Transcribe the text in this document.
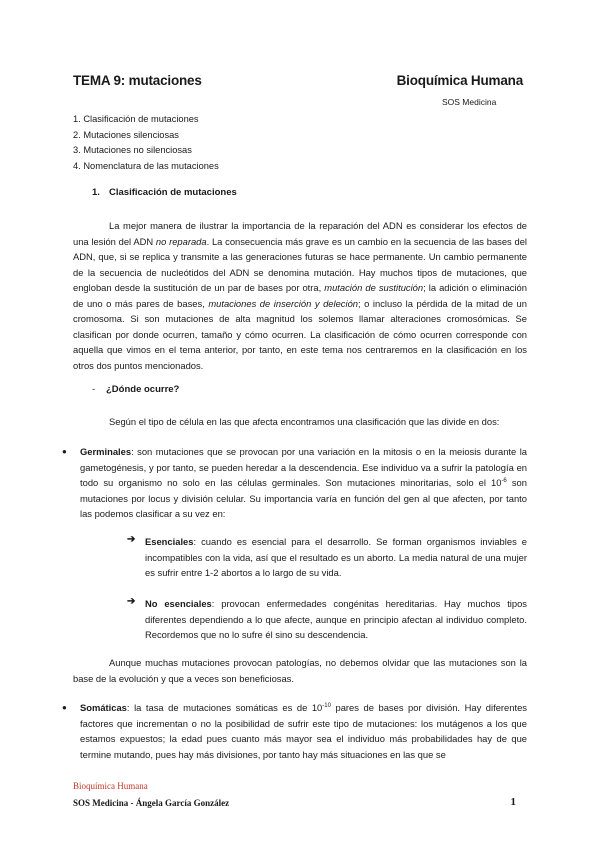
TEMA 9: mutaciones	Bioquímica Humana
SOS Medicina
1. Clasificación de mutaciones
2. Mutaciones silenciosas
3. Mutaciones no silenciosas
4. Nomenclatura de las mutaciones
1. Clasificación de mutaciones

La mejor manera de ilustrar la importancia de la reparación del ADN es considerar los efectos de una lesión del ADN no reparada. La consecuencia más grave es un cambio en la secuencia de las bases del ADN, que, si se replica y transmite a las generaciones futuras se hace permanente. Un cambio permanente de la secuencia de nucleótidos del ADN se denomina mutación. Hay muchos tipos de mutaciones, que engloban desde la sustitución de un par de bases por otra, mutación de sustitución; la adición o eliminación de uno o más pares de bases, mutaciones de inserción y deleción; o incluso la pérdida de la mitad de un cromosoma. Si son mutaciones de alta magnitud los solemos llamar alteraciones cromosómicas. Se clasifican por donde ocurren, tamaño y cómo ocurren. La clasificación de cómo ocurren corresponde con aquella que vimos en el tema anterior, por tanto, en este tema nos centraremos en la clasificación en los otros dos puntos mencionados.

- ¿Dónde ocurre?

Según el tipo de célula en las que afecta encontramos una clasificación que las divide en dos:

● Germinales: son mutaciones que se provocan por una variación en la mitosis o en la meiosis durante la gametogénesis, y por tanto, se pueden heredar a la descendencia. Ese individuo va a sufrir la patología en todo su organismo no solo en las células germinales. Son mutaciones minoritarias, solo el $10^{-6}$ son mutaciones por locus y división celular. Su importancia varía en función del gen al que afecten, por tanto las podemos clasificar a su vez en:

➔ Esenciales: cuando es esencial para el desarrollo. Se forman organismos inviables e incompatibles con la vida, así que el resultado es un aborto. La media natural de una mujer es sufrir entre 1-2 abortos a lo largo de su vida.

➔ No esenciales: provocan enfermedades congénitas hereditarias. Hay muchos tipos diferentes dependiendo a lo que afecte, aunque en principio afectan al individuo completo. Recordemos que no lo sufre él sino su descendencia.

Aunque muchas mutaciones provocan patologías, no debemos olvidar que las mutaciones son la base de la evolución y que a veces son beneficiosas.

● Somáticas: la tasa de mutaciones somáticas es de $10^{-10}$ pares de bases por división. Hay diferentes factores que incrementan o no la posibilidad de sufrir este tipo de mutaciones: los mutágenos a los que estamos expuestos; la edad pues cuanto más mayor sea el individuo más probabilidades hay de que termine mutando, pues hay más divisiones, por tanto hay más situaciones en las que se

Bioquímica Humana
SOS Medicina - Ángela García González	1
